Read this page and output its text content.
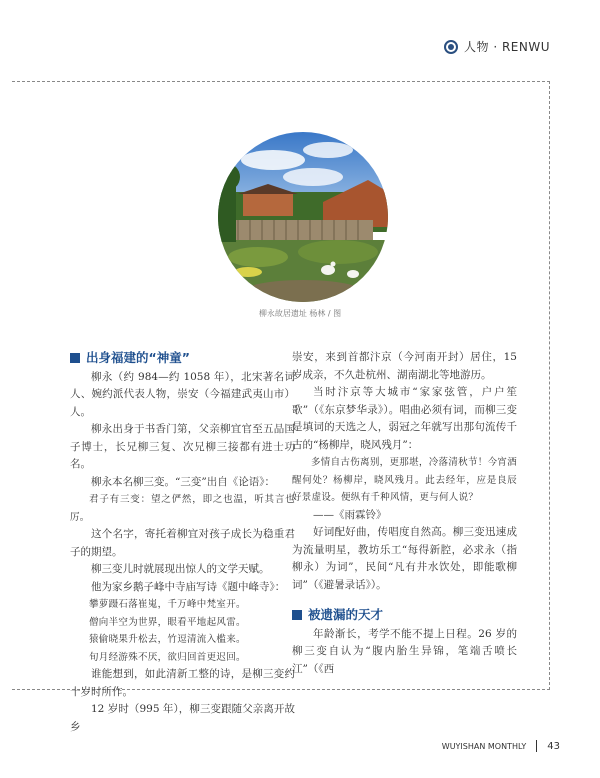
人物 · RENWU
柳永故居遗址 杨林 / 图
出身福建的“神童”

柳永（约 984—约 1058 年），北宋著名词人、婉约派代表人物，崇安（今福建武夷山市）人。

柳永出身于书香门第，父亲柳宜官至五品国子博士，长兄柳三复、次兄柳三接都有进士功名。

柳永本名柳三变。“三变”出自《论语》：

君子有三变：望之俨然，即之也温，听其言也厉。

这个名字，寄托着柳宜对孩子成长为稳重君子的期望。

柳三变儿时就展现出惊人的文学天赋。

他为家乡鹅子峰中寺庙写诗《题中峰寺》：

攀萝蹑石落崔嵬，千万峰中梵室开。

僧向半空为世界，眼看平地起风雷。

猿偷晓果升松去，竹逗清流入槛来。

旬月经游殊不厌，欲归回首更迟回。

谁能想到，如此清新工整的诗，是柳三变约十岁时所作。

12 岁时（995 年），柳三变跟随父亲离开故乡

崇安，来到首都汴京（今河南开封）居住，15 岁成亲，不久赴杭州、湖南湖北等地游历。

当时汴京等大城市“家家弦管，户户笙歌”（《东京梦华录》）。唱曲必须有词，而柳三变是填词的天选之人，弱冠之年就写出那句流传千古的“杨柳岸，晓风残月”：

多情自古伤离别，更那堪，冷落清秋节！今宵酒醒何处？杨柳岸，晓风残月。此去经年，应是良辰好景虚设。便纵有千种风情，更与何人说？

——《雨霖铃》

好词配好曲，传唱度自然高。柳三变迅速成为流量明星，教坊乐工“每得新腔，必求永（指柳永）为词”，民间“凡有井水饮处，即能歌柳词”（《避暑录话》）。

被遗漏的天才

年龄渐长，考学不能不提上日程。26 岁的柳三变自认为“腹内胎生异锦，笔端舌喷长江”（《西

WUYISHAN MONTHLY 43
